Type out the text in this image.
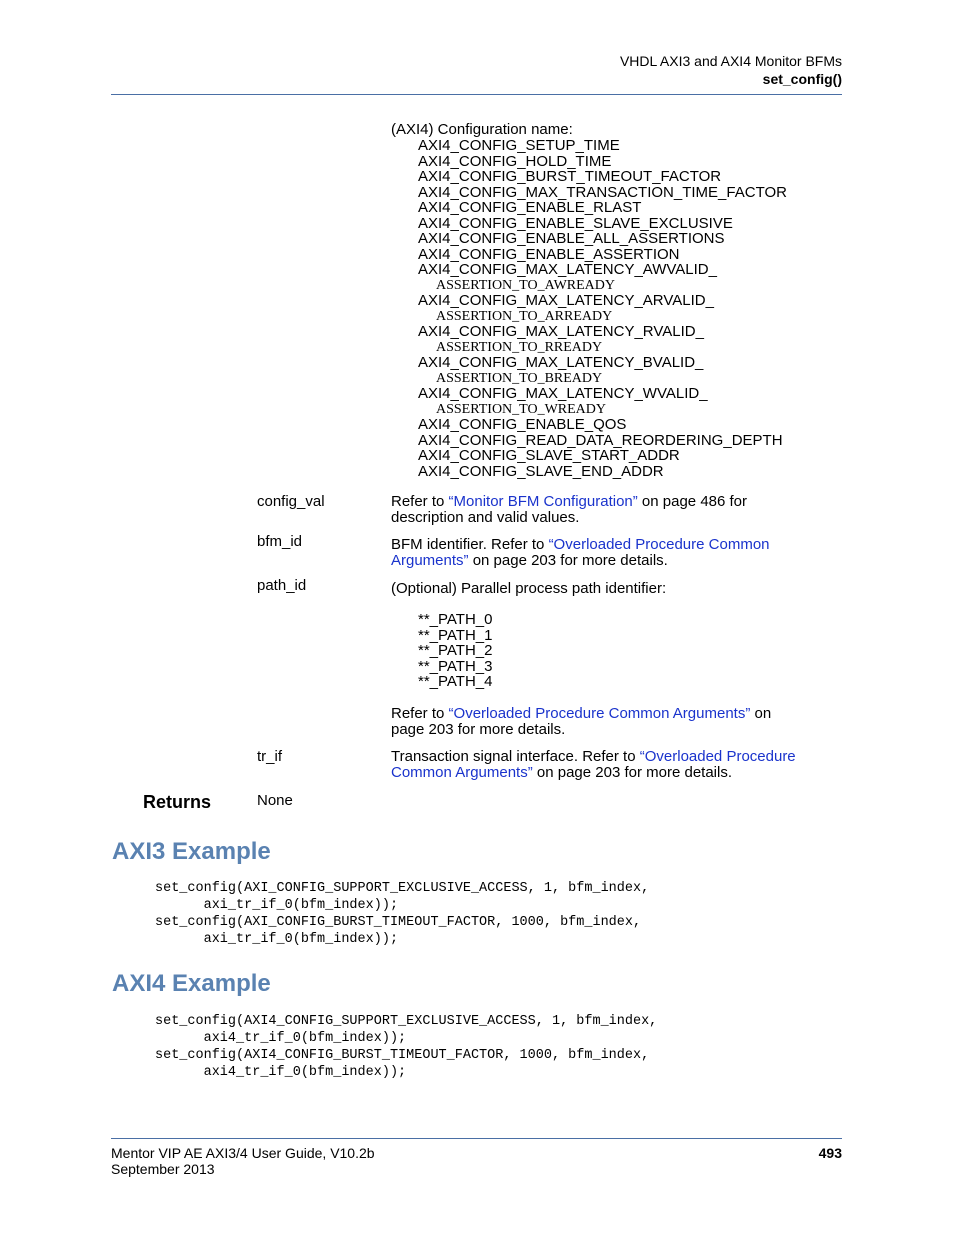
VHDL AXI3 and AXI4 Monitor BFMs
set_config()
(AXI4) Configuration name:
AXI4_CONFIG_SETUP_TIME
AXI4_CONFIG_HOLD_TIME
AXI4_CONFIG_BURST_TIMEOUT_FACTOR
AXI4_CONFIG_MAX_TRANSACTION_TIME_FACTOR
AXI4_CONFIG_ENABLE_RLAST
AXI4_CONFIG_ENABLE_SLAVE_EXCLUSIVE
AXI4_CONFIG_ENABLE_ALL_ASSERTIONS
AXI4_CONFIG_ENABLE_ASSERTION
AXI4_CONFIG_MAX_LATENCY_AWVALID_
ASSERTION_TO_AWREADY
AXI4_CONFIG_MAX_LATENCY_ARVALID_
ASSERTION_TO_ARREADY
AXI4_CONFIG_MAX_LATENCY_RVALID_
ASSERTION_TO_RREADY
AXI4_CONFIG_MAX_LATENCY_BVALID_
ASSERTION_TO_BREADY
AXI4_CONFIG_MAX_LATENCY_WVALID_
ASSERTION_TO_WREADY
AXI4_CONFIG_ENABLE_QOS
AXI4_CONFIG_READ_DATA_REORDERING_DEPTH
AXI4_CONFIG_SLAVE_START_ADDR
AXI4_CONFIG_SLAVE_END_ADDR
config_val	Refer to “Monitor BFM Configuration” on page 486 for
description and valid values.
bfm_id	BFM identifier. Refer to “Overloaded Procedure Common
Arguments” on page 203 for more details.
path_id	(Optional) Parallel process path identifier:
**_PATH_0
**_PATH_1
**_PATH_2
**_PATH_3
**_PATH_4
Refer to “Overloaded Procedure Common Arguments” on
page 203 for more details.
tr_if	Transaction signal interface. Refer to “Overloaded Procedure
Common Arguments” on page 203 for more details.
Returns	None
AXI3 Example
set_config(AXI_CONFIG_SUPPORT_EXCLUSIVE_ACCESS, 1, bfm_index,
axi_tr_if_0(bfm_index));
set_config(AXI_CONFIG_BURST_TIMEOUT_FACTOR, 1000, bfm_index,
axi_tr_if_0(bfm_index));
AXI4 Example
set_config(AXI4_CONFIG_SUPPORT_EXCLUSIVE_ACCESS, 1, bfm_index,
axi4_tr_if_0(bfm_index));
set_config(AXI4_CONFIG_BURST_TIMEOUT_FACTOR, 1000, bfm_index,
axi4_tr_if_0(bfm_index));
Mentor VIP AE AXI3/4 User Guide, V10.2b
September 2013
493
